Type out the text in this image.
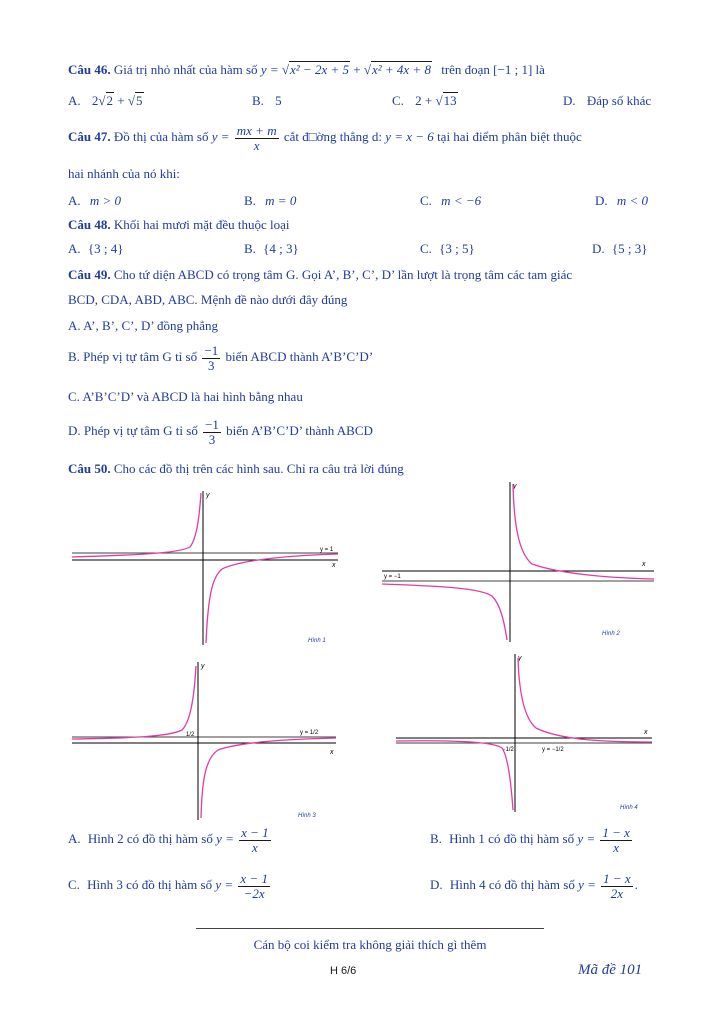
Câu 46. Giá trị nhỏ nhất của hàm số y = √x² − 2x + 5 + √x² + 4x + 8 trên đoạn [−1 ; 1] là
A. 2√2 + √5	B. 5	C. 2 + √13	D. Đáp số khác
Câu 47. Đồ thị của hàm số $y = \frac{mx + m}{x}$ cắt đ□ờng thẳng d: y = x − 6 tại hai điểm phân biệt thuộc
hai nhánh của nó khi:
A. m > 0	B. m = 0	C. m < −6	D. m < 0
Câu 48. Khối hai mươi mặt đều thuộc loại
A. {3 ; 4}	B. {4 ; 3}	C. {3 ; 5}	D. {5 ; 3}
Câu 49. Cho tứ diện ABCD có trọng tâm G. Gọi A’, B’, C’, D’ lần lượt là trọng tâm các tam giác
BCD, CDA, ABD, ABC. Mệnh đề nào dưới đây đúng
A. A’, B’, C’, D’ đồng phẳng
B. Phép vị tự tâm G tỉ số $\frac{-1}{3}$ biến ABCD thành A’B’C’D’
C. A’B’C’D’ và ABCD là hai hình bằng nhau
D. Phép vị tự tâm G tỉ số $\frac{-1}{3}$ biến A’B’C’D’ thành ABCD
Câu 50. Cho các đồ thị trên các hình sau. Chỉ ra câu trả lời đúng
y = 1
x
y
Hình 1
y = −1
x
y
Hình 2
y = 1/2
1/2
x
y
Hình 3
y = −1/2
−1/2
x
y
Hình 4
A. Hình 2 có đồ thị hàm số $y = \frac{x - 1}{x}$	B. Hình 1 có đồ thị hàm số $y = \frac{1 - x}{x}$
C. Hình 3 có đồ thị hàm số $y = \frac{x - 1}{-2x}$	D. Hình 4 có đồ thị hàm số $y = \frac{1 - x}{2x}$ .
Cán bộ coi kiểm tra không giải thích gì thêm
H 6/6	Mã đề 101
